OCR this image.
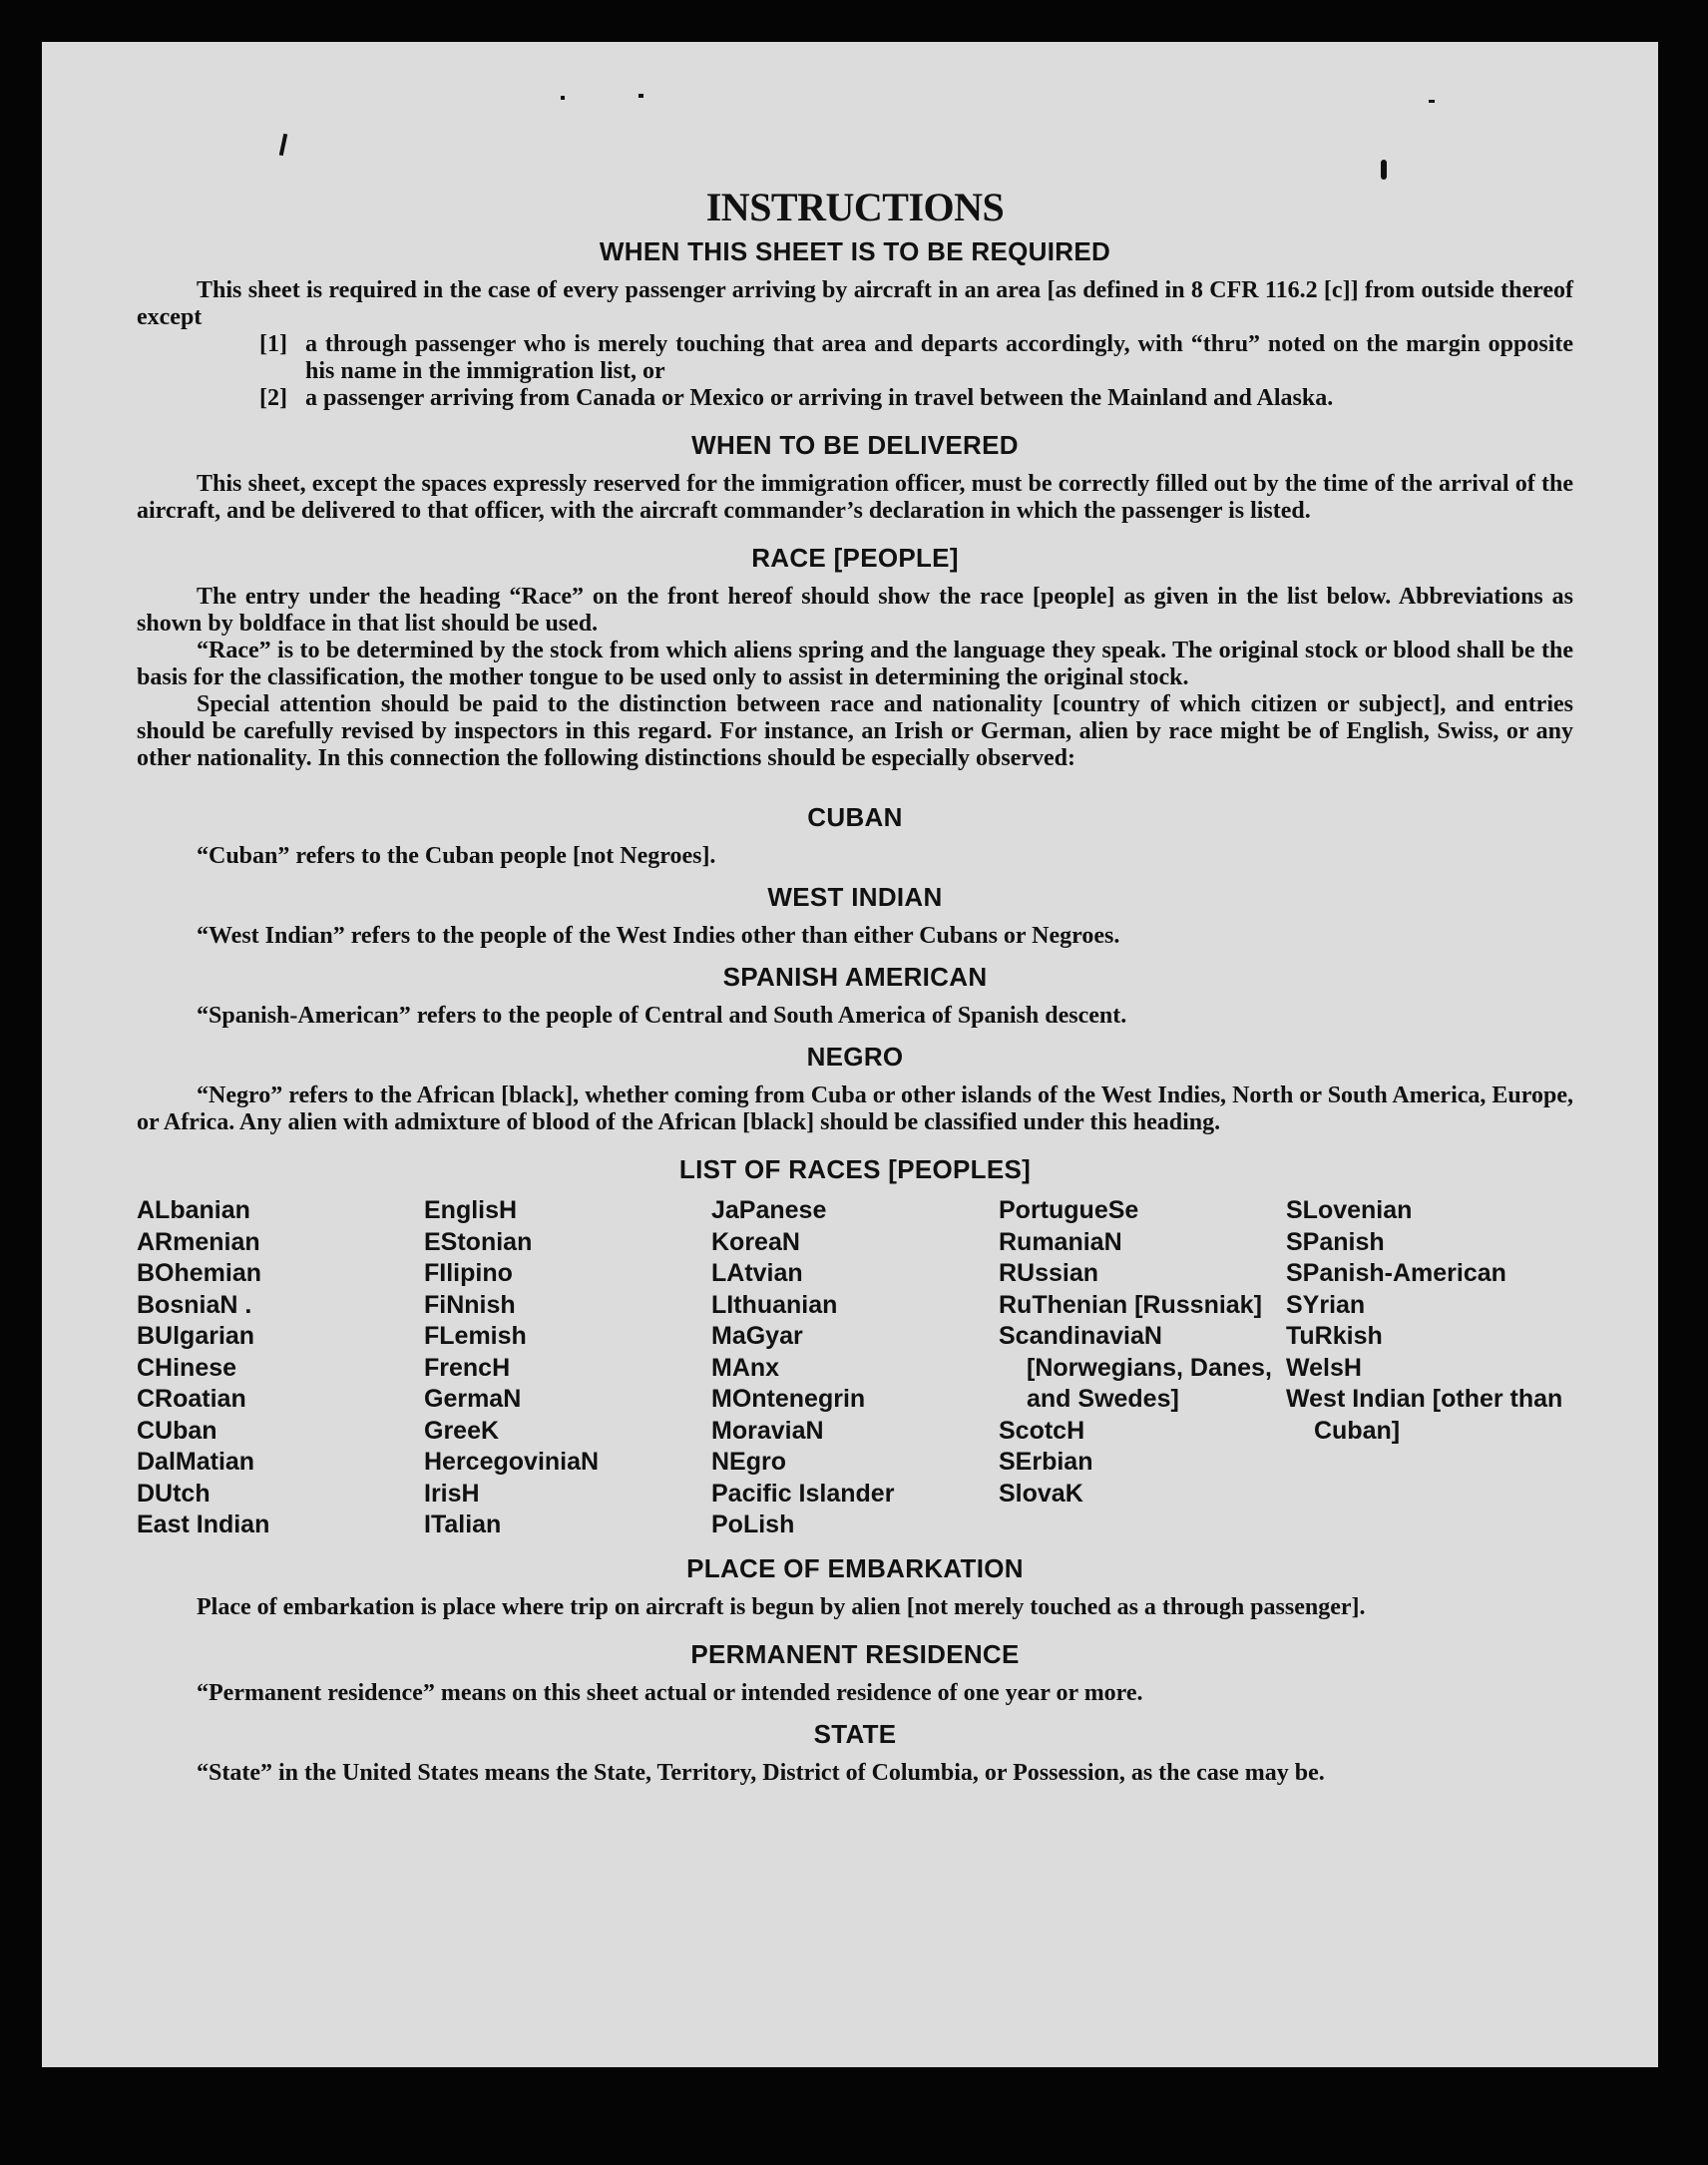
INSTRUCTIONS
WHEN THIS SHEET IS TO BE REQUIRED

This sheet is required in the case of every passenger arriving by aircraft in an area [as defined in 8 CFR 116.2 [c]] from outside thereof except

[1] a through passenger who is merely touching that area and departs accordingly, with “thru” noted on the margin opposite his name in the immigration list, or
[2] a passenger arriving from Canada or Mexico or arriving in travel between the Mainland and Alaska.
WHEN TO BE DELIVERED

This sheet, except the spaces expressly reserved for the immigration officer, must be correctly filled out by the time of the arrival of the aircraft, and be delivered to that officer, with the aircraft commander’s declaration in which the passenger is listed.

RACE [PEOPLE]

The entry under the heading “Race” on the front hereof should show the race [people] as given in the list below. Abbreviations as shown by boldface in that list should be used.

“Race” is to be determined by the stock from which aliens spring and the language they speak. The original stock or blood shall be the basis for the classification, the mother tongue to be used only to assist in determining the original stock.

Special attention should be paid to the distinction between race and nationality [country of which citizen or subject], and entries should be carefully revised by inspectors in this regard. For instance, an Irish or German, alien by race might be of English, Swiss, or any other nationality. In this connection the following distinctions should be especially observed:

CUBAN

“Cuban” refers to the Cuban people [not Negroes].

WEST INDIAN

“West Indian” refers to the people of the West Indies other than either Cubans or Negroes.

SPANISH AMERICAN

“Spanish-American” refers to the people of Central and South America of Spanish descent.

NEGRO

“Negro” refers to the African [black], whether coming from Cuba or other islands of the West Indies, North or South America, Europe, or Africa. Any alien with admixture of blood of the African [black] should be classified under this heading.

LIST OF RACES [PEOPLES]
ALbanian
ARmenian
BOhemian
BosniaN .
BUlgarian
CHinese
CRoatian
CUban
DalMatian
DUtch
East Indian
EnglisH
EStonian
FIlipino
FiNnish
FLemish
FrencH
GermaN
GreeK
HercegoviniaN
IrisH
ITalian
JaPanese
KoreaN
LAtvian
LIthuanian
MaGyar
MAnx
MOntenegrin
MoraviaN
NEgro
Pacific Islander
PoLish
PortugueSe
RumaniaN
RUssian
RuThenian [Russniak]
ScandinaviaN [Norwegians, Danes, and Swedes]
ScotcH
SErbian
SlovaK
SLovenian
SPanish
SPanish-American
SYrian
TuRkish
WelsH
West Indian [other than Cuban]
PLACE OF EMBARKATION

Place of embarkation is place where trip on aircraft is begun by alien [not merely touched as a through passenger].

PERMANENT RESIDENCE

“Permanent residence” means on this sheet actual or intended residence of one year or more.

STATE

“State” in the United States means the State, Territory, District of Columbia, or Possession, as the case may be.
